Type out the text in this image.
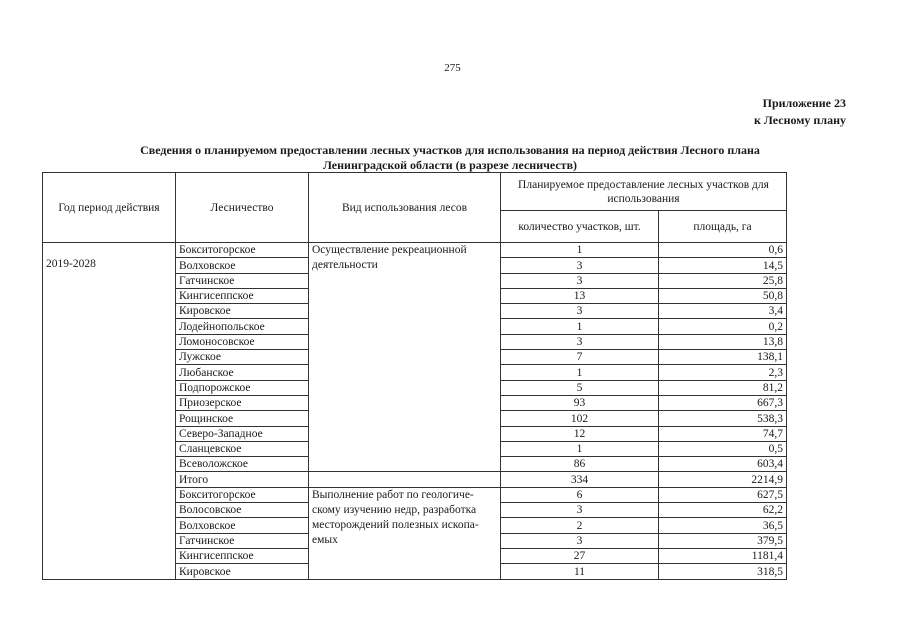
275
Приложение 23
к Лесному плану
Сведения о планируемом предоставлении лесных участков для использования на период действия Лесного плана
Ленинградской области (в разрезе лесничеств)
Год период действия	Лесничество	Вид использования лесов	Планируемое предоставление лесных участков для использования	
			количество участков, шт.	площадь, га
2019-2028	Бокситогорское	Осуществление рекреационной деятельности	1	0,6
	Волховское		3	14,5
	Гатчинское		3	25,8
	Кингисеппское		13	50,8
	Кировское		3	3,4
	Лодейнопольское		1	0,2
	Ломоносовское		3	13,8
	Лужское		7	138,1
	Любанское		1	2,3
	Подпорожское		5	81,2
	Приозерское		93	667,3
	Рощинское		102	538,3
	Северо-Западное		12	74,7
	Сланцевское		1	0,5
	Всеволожское		86	603,4
	Итого		334	2214,9
	Бокситогорское	Выполнение работ по геологиче-скому изучению недр, разработка месторождений полезных ископа-емых	6	627,5
	Волосовское		3	62,2
	Волховское		2	36,5
	Гатчинское		3	379,5
	Кингисеппское		27	1181,4
	Кировское		11	318,5
